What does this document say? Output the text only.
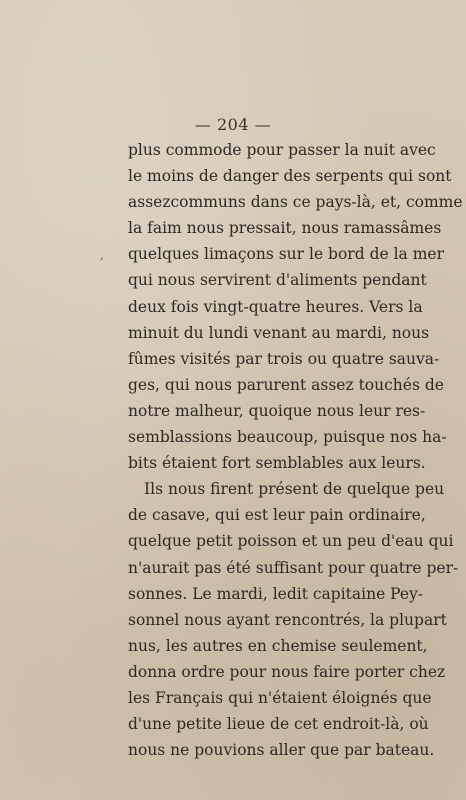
— 204 —
,
plus commode pour passer la nuit avec
le moins de danger des serpents qui sont
assezcommuns dans ce pays-là, et, comme
la faim nous pressait, nous ramassâmes
quelques limaçons sur le bord de la mer
qui nous servirent d'aliments pendant
deux fois vingt-quatre heures. Vers la
minuit du lundi venant au mardi, nous
fûmes visités par trois ou quatre sauva-
ges, qui nous parurent assez touchés de
notre malheur, quoique nous leur res-
semblassions beaucoup, puisque nos ha-
bits étaient fort semblables aux leurs.
Ils nous firent présent de quelque peu
de casave, qui est leur pain ordinaire,
quelque petit poisson et un peu d'eau qui
n'aurait pas été suffisant pour quatre per-
sonnes. Le mardi, ledit capitaine Pey-
sonnel nous ayant rencontrés, la plupart
nus, les autres en chemise seulement,
donna ordre pour nous faire porter chez
les Français qui n'étaient éloignés que
d'une petite lieue de cet endroit-là, où
nous ne pouvions aller que par bateau.
